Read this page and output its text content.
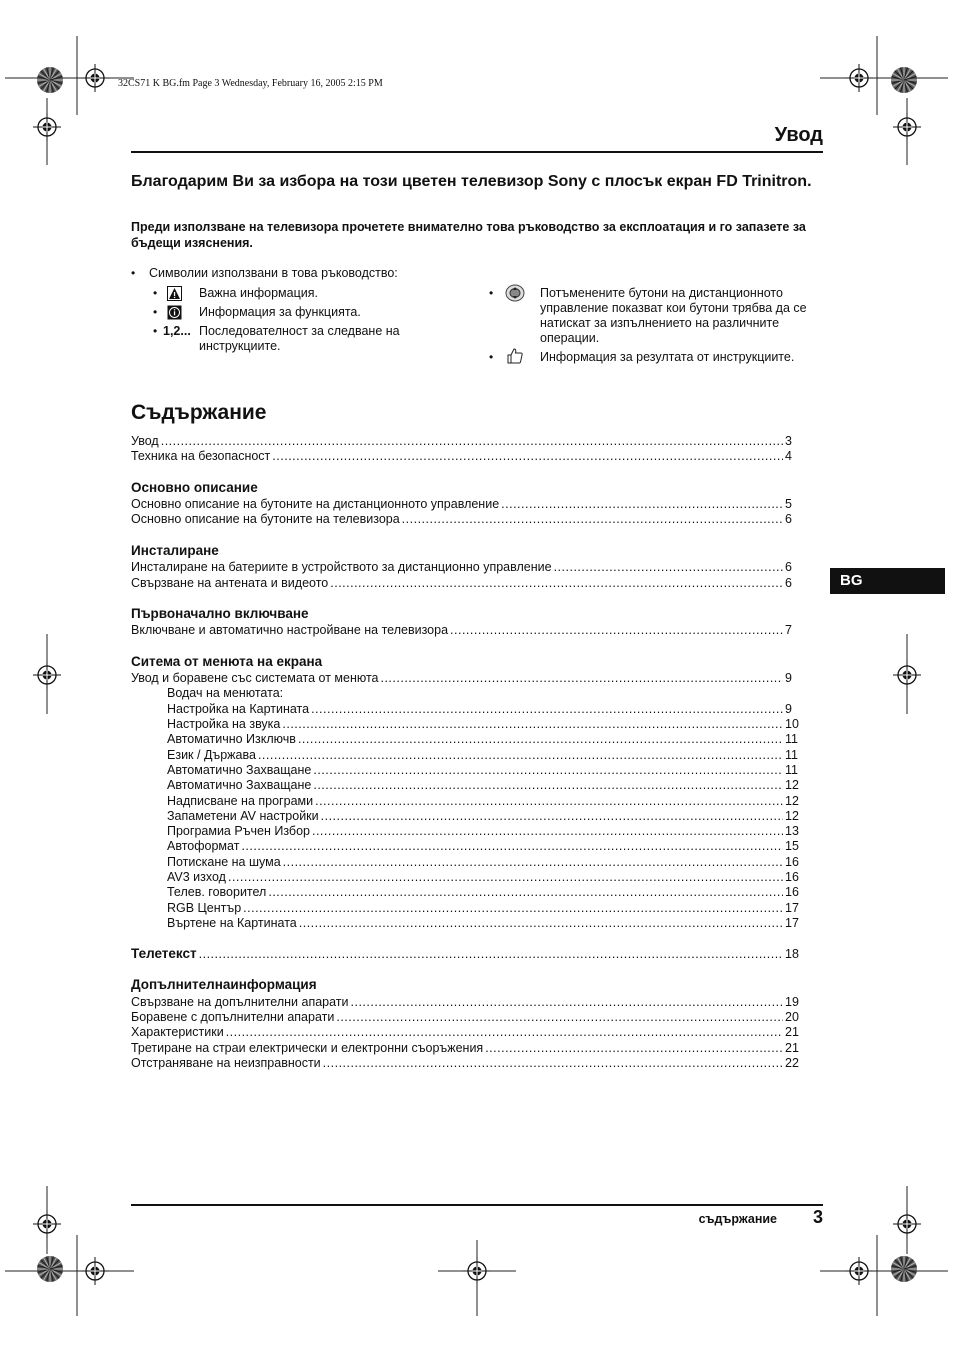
32CS71 K BG.fm Page 3 Wednesday, February 16, 2005 2:15 PM
Увод
Благодарим Ви за избора на този цветен телевизор Sony с плосък екран FD Trinitron.
Преди използване на телевизора прочетете внимателно това ръководство за експлоатация и го запазете за бъдещи изяснения.
• Символии използвани в това ръководство:
•	Важна информация.
•	Информация за функцията.
• 1,2... Последователност за следване на инструкциите.
•	Потъменените бутони на дистанционното управление показват кои бутони трябва да се натискат за изпълнението на различните операции.
•	Информация за резултата от инструкциите.
Съдържание
Увод .....	3
Техника на безопасност .....	4
Основно описание
Основно описание на бутоните на дистанционното управление .....	5
Основно описание на бутоните на телевизора .....	6
Инсталиране
Инсталиране на батериите в устройството за дистанционно управление .....	6
Свързване на антената и видеото .....	6
Първоначално включване
Включване и автоматично настройване на телевизора .....	7
Ситема от менюта на екрана
Увод и боравене със системата от менюта .....	9
Водач на менютата:
Настройка на Картината .....	9
Настройка на звука .....	10
Автоматично Изключв .....	11
Език / Държава .....	11
Автоматично Захващане .....	11
Автоматично Захващане .....	12
Надписване на програми .....	12
Запаметени AV настройки .....	12
Програмиа Ръчен Избор .....	13
Автоформат .....	15
Потискане на шума .....	16
AV3 изход .....	16
Телев. говорител .....	16
RGB Център .....	17
Въртене на Картината .....	17
Телетекст .....	18
Допълнителнаинформация
Свързване на допълнителни апарати .....	19
Боравене с допълнителни апарати .....	20
Характеристики .....	21
Третиране на страи електрически и електронни съоръжения .....	21
Отстраняване на неизправности .....	22
BG
съдържание 3
